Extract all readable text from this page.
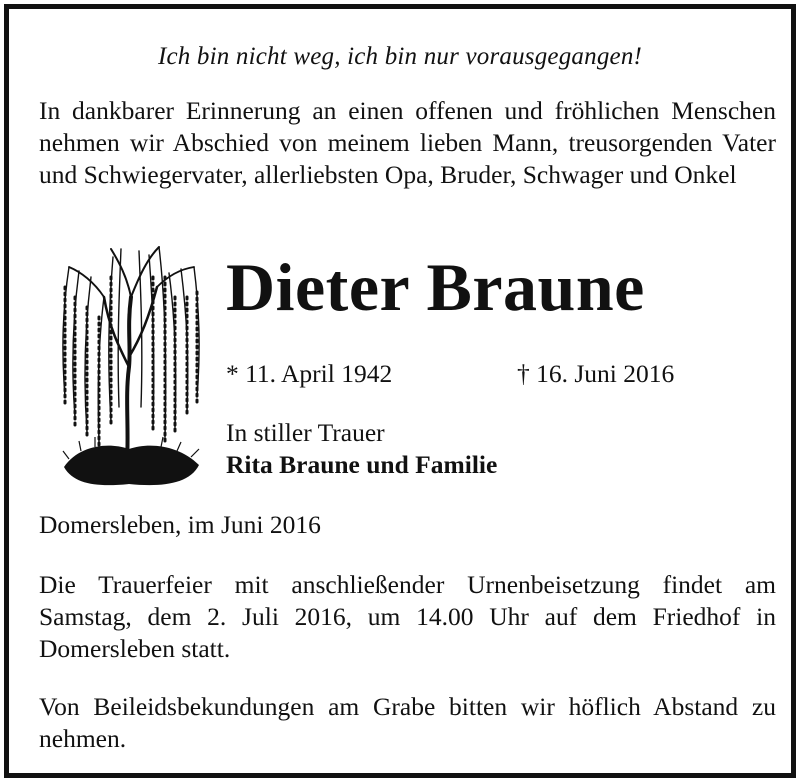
Ich bin nicht weg, ich bin nur vorausgegangen!
In dankbarer Erinnerung an einen offenen und fröhlichen Menschen nehmen wir Abschied von meinem lieben Mann, treusorgenden Vater und Schwiegervater, allerliebsten Opa, Bruder, Schwager und Onkel
Dieter Braune
* 11. April 1942	† 16. Juni 2016
In stiller Trauer
Rita Braune und Familie
Domersleben, im Juni 2016
Die Trauerfeier mit anschließender Urnenbeisetzung findet am Samstag, dem 2. Juli 2016, um 14.00 Uhr auf dem Friedhof in Domersleben statt.
Von Beileidsbekundungen am Grabe bitten wir höflich Abstand zu nehmen.
